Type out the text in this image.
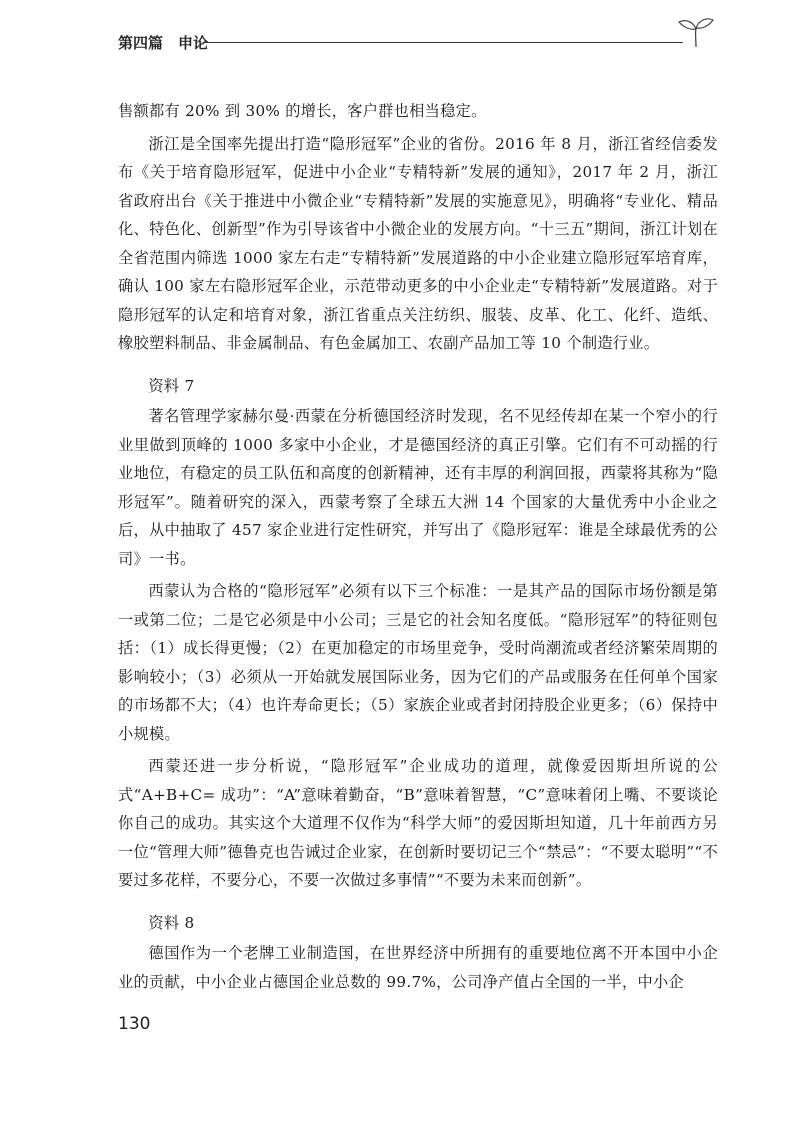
第四篇　申论

售额都有 20% 到 30% 的增长，客户群也相当稳定。

浙江是全国率先提出打造“隐形冠军”企业的省份。2016 年 8 月，浙江省经信委发布《关于培育隐形冠军，促进中小企业“专精特新”发展的通知》，2017 年 2 月，浙江省政府出台《关于推进中小微企业“专精特新”发展的实施意见》，明确将“专业化、精品化、特色化、创新型”作为引导该省中小微企业的发展方向。“十三五”期间，浙江计划在全省范围内筛选 1000 家左右走“专精特新”发展道路的中小企业建立隐形冠军培育库，确认 100 家左右隐形冠军企业，示范带动更多的中小企业走“专精特新”发展道路。对于隐形冠军的认定和培育对象，浙江省重点关注纺织、服装、皮革、化工、化纤、造纸、橡胶塑料制品、非金属制品、有色金属加工、农副产品加工等 10 个制造行业。

资料 7

著名管理学家赫尔曼·西蒙在分析德国经济时发现，名不见经传却在某一个窄小的行业里做到顶峰的 1000 多家中小企业，才是德国经济的真正引擎。它们有不可动摇的行业地位，有稳定的员工队伍和高度的创新精神，还有丰厚的利润回报，西蒙将其称为“隐形冠军”。随着研究的深入，西蒙考察了全球五大洲 14 个国家的大量优秀中小企业之后，从中抽取了 457 家企业进行定性研究，并写出了《隐形冠军：谁是全球最优秀的公司》一书。

西蒙认为合格的“隐形冠军”必须有以下三个标准：一是其产品的国际市场份额是第一或第二位；二是它必须是中小公司；三是它的社会知名度低。“隐形冠军”的特征则包括：（1）成长得更慢；（2）在更加稳定的市场里竞争，受时尚潮流或者经济繁荣周期的影响较小；（3）必须从一开始就发展国际业务，因为它们的产品或服务在任何单个国家的市场都不大；（4）也许寿命更长；（5）家族企业或者封闭持股企业更多；（6）保持中小规模。

西蒙还进一步分析说，“隐形冠军”企业成功的道理，就像爱因斯坦所说的公式“A+B+C= 成功”：“A”意味着勤奋，“B”意味着智慧，“C”意味着闭上嘴、不要谈论你自己的成功。其实这个大道理不仅作为“科学大师”的爱因斯坦知道，几十年前西方另一位“管理大师”德鲁克也告诫过企业家，在创新时要切记三个“禁忌”：“不要太聪明”“不要过多花样，不要分心，不要一次做过多事情”“不要为未来而创新”。

资料 8

德国作为一个老牌工业制造国，在世界经济中所拥有的重要地位离不开本国中小企业的贡献，中小企业占德国企业总数的 99.7%，公司净产值占全国的一半，中小企

130
